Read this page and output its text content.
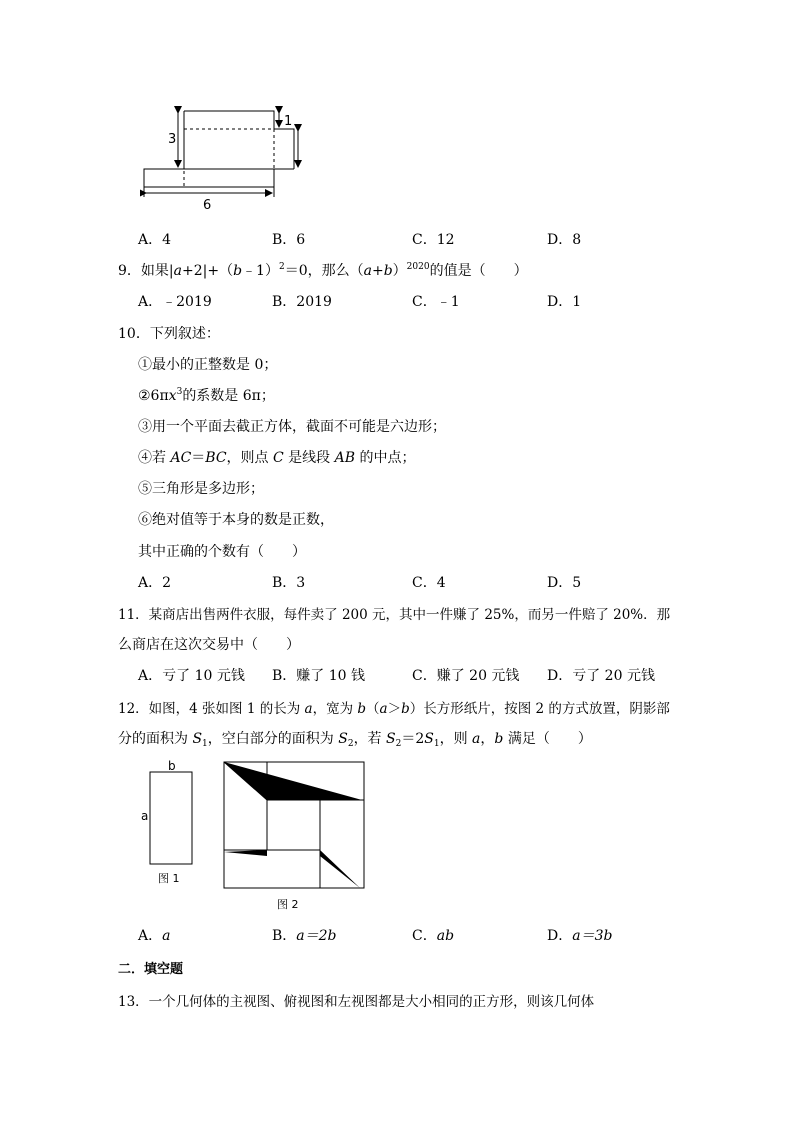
3
1
6
A．4	B．6	C．12	D．8
9．如果|a+2|+（b﹣1）$^2$＝0，那么$(a+b)^{2020}$的值是（　　）
A．﹣2019	B．2019	C．﹣1	D．1
10．下列叙述：
①最小的正整数是 0；
$②6\pi x^3$的系数是 6π；
③用一个平面去截正方体，截面不可能是六边形；
④若 AC＝BC，则点 C 是线段 AB 的中点；
⑤三角形是多边形；
⑥绝对值等于本身的数是正数，
其中正确的个数有（　　）
A．2	B．3	C．4	D．5
11．某商店出售两件衣服，每件卖了 200 元，其中一件赚了 25%，而另一件赔了 20%．那
么商店在这次交易中（　　）
A．亏了 10 元钱 B．赚了 10 钱	C．赚了 20 元钱 D．亏了 20 元钱
12．如图，4 张如图 1 的长为 a，宽为 b（a＞b）长方形纸片，按图 2 的方式放置，阴影部
分的面积为 $S_1$，空白部分的面积为 $S_2$，若 $S_2=2S_1$，则 a，b 满足（　　）
b
a
图 1
图 2
A．a	B．a＝2b	C．ab	D．a＝3b
二．填空题
13．一个几何体的主视图、俯视图和左视图都是大小相同的正方形，则该几何体
